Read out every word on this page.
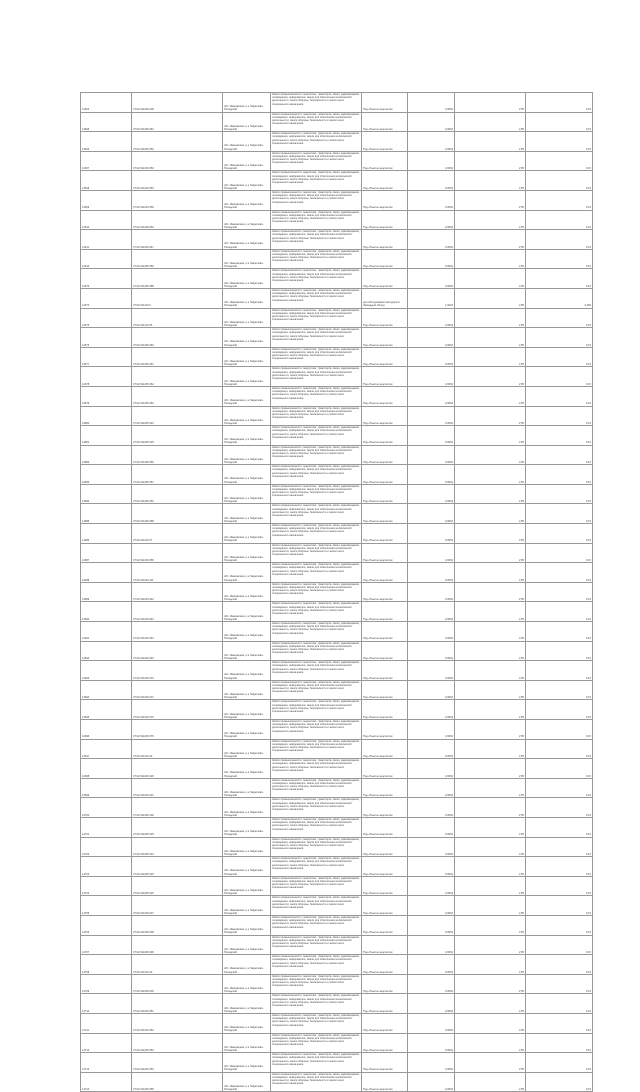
14604	37:02:011206:228	обл. Ивановская, р-н Гаврилово-Посадский	Земли промышленности, энергетики, транспорта, связи, радиовещания, телевидения, информатики, земли для обеспечения космической деятельности, земли обороны, безопасности и земли иного специального назначения	Под объекты энергетики	0,0054	2,55	0,15
14605	37:02:011205:461	обл. Ивановская, р-н Гаврилово-Посадский	Земли промышленности, энергетики, транспорта, связи, радиовещания, телевидения, информатики, земли для обеспечения космической деятельности, земли обороны, безопасности и земли иного специального назначения	Под объекты энергетики	0,0054	2,55	0,15
14606	37:02:011203:352	обл. Ивановская, р-н Гаврилово-Посадский	Земли промышленности, энергетики, транспорта, связи, радиовещания, телевидения, информатики, земли для обеспечения космической деятельности, земли обороны, безопасности и земли иного специального назначения	Под объекты энергетики	0,0054	2,55	0,15
14607	37:02:011203:353	обл. Ивановская, р-н Гаврилово-Посадский	Земли промышленности, энергетики, транспорта, связи, радиовещания, телевидения, информатики, земли для обеспечения космической деятельности, земли обороны, безопасности и земли иного специального назначения	Под объекты энергетики	0,0054	2,55	0,15
14608	37:02:011203:354	обл. Ивановская, р-н Гаврилово-Посадский	Земли промышленности, энергетики, транспорта, связи, радиовещания, телевидения, информатики, земли для обеспечения космической деятельности, земли обороны, безопасности и земли иного специального назначения	Под объекты энергетики	0,0054	2,55	0,15
14609	37:02:011203:356	обл. Ивановская, р-н Гаврилово-Посадский	Земли промышленности, энергетики, транспорта, связи, радиовещания, телевидения, информатики, земли для обеспечения космической деятельности, земли обороны, безопасности и земли иного специального назначения	Под объекты энергетики	0,0054	2,55	0,15
14610	37:02:011209:253	обл. Ивановская, р-н Гаврилово-Посадский	Земли промышленности, энергетики, транспорта, связи, радиовещания, телевидения, информатики, земли для обеспечения космической деятельности, земли обороны, безопасности и земли иного специального назначения	Под объекты энергетики	0,0054	2,55	0,15
14611	37:02:011209:347	обл. Ивановская, р-н Гаврилово-Посадский	Земли промышленности, энергетики, транспорта, связи, радиовещания, телевидения, информатики, земли для обеспечения космической деятельности, земли обороны, безопасности и земли иного специального назначения	Под объекты энергетики	0,0054	2,55	0,15
14612	37:02:011209:356	обл. Ивановская, р-н Гаврилово-Посадский	Земли промышленности, энергетики, транспорта, связи, радиовещания, телевидения, информатики, земли для обеспечения космической деятельности, земли обороны, безопасности и земли иного специального назначения	Под объекты энергетики	0,0054	2,55	0,15
14673	37:02:011209:388	обл. Ивановская, р-н Гаврилово-Посадский	Земли промышленности, энергетики, транспорта, связи, радиовещания, телевидения, информатики, земли для обеспечения космической деятельности, земли обороны, безопасности и земли иного специального назначения	Под объекты энергетики	0,0054	2,55	0,15
14674	37:02:011210:2	обл. Ивановская, р-н Гаврилово-Посадский	Земли промышленности, энергетики, транспорта, связи, радиовещания, телевидения, информатики, земли для обеспечения космической деятельности, земли обороны, безопасности и земли иного специального назначения	для обслуживания автодороги (Западный обход)	1,0024	2,55	2,460
14675	37:02:011210:35	обл. Ивановская, р-н Гаврилово-Посадский	Земли промышленности, энергетики, транспорта, связи, радиовещания, телевидения, информатики, земли для обеспечения космической деятельности, земли обороны, безопасности и земли иного специального назначения	Под объекты энергетики	0,0054	2,55	0,15
14676	37:02:011205:460	обл. Ивановская, р-н Гаврилово-Посадский	Земли промышленности, энергетики, транспорта, связи, радиовещания, телевидения, информатики, земли для обеспечения космической деятельности, земли обороны, безопасности и земли иного специального назначения	Под объекты энергетики	0,0054	2,55	0,15
14677	37:02:011205:461	обл. Ивановская, р-н Гаврилово-Посадский	Земли промышленности, энергетики, транспорта, связи, радиовещания, телевидения, информатики, земли для обеспечения космической деятельности, земли обороны, безопасности и земли иного специального назначения	Под объекты энергетики	0,0054	2,55	0,15
14678	37:02:011205:462	обл. Ивановская, р-н Гаврилово-Посадский	Земли промышленности, энергетики, транспорта, связи, радиовещания, телевидения, информатики, земли для обеспечения космической деятельности, земли обороны, безопасности и земли иного специального назначения	Под объекты энергетики	0,0054	2,55	0,15
14679	37:02:011205:463	обл. Ивановская, р-н Гаврилово-Посадский	Земли промышленности, энергетики, транспорта, связи, радиовещания, телевидения, информатики, земли для обеспечения космической деятельности, земли обороны, безопасности и земли иного специального назначения	Под объекты энергетики	0,0054	2,55	0,15
14680	37:02:011205:324	обл. Ивановская, р-н Гаврилово-Посадский	Земли промышленности, энергетики, транспорта, связи, радиовещания, телевидения, информатики, земли для обеспечения космической деятельности, земли обороны, безопасности и земли иного специального назначения	Под объекты энергетики	0,0054	2,55	0,15
14681	37:02:011205:325	обл. Ивановская, р-н Гаврилово-Посадский	Земли промышленности, энергетики, транспорта, связи, радиовещания, телевидения, информатики, земли для обеспечения космической деятельности, земли обороны, безопасности и земли иного специального назначения	Под объекты энергетики	0,0054	2,55	0,15
14682	37:02:011209:356	обл. Ивановская, р-н Гаврилово-Посадский	Земли промышленности, энергетики, транспорта, связи, радиовещания, телевидения, информатики, земли для обеспечения космической деятельности, земли обороны, безопасности и земли иного специального назначения	Под объекты энергетики	0,0054	2,55	0,15
14683	37:02:011209:357	обл. Ивановская, р-н Гаврилово-Посадский	Земли промышленности, энергетики, транспорта, связи, радиовещания, телевидения, информатики, земли для обеспечения космической деятельности, земли обороны, безопасности и земли иного специального назначения	Под объекты энергетики	0,0054	2,55	0,15
14684	37:02:011209:360	обл. Ивановская, р-н Гаврилово-Посадский	Земли промышленности, энергетики, транспорта, связи, радиовещания, телевидения, информатики, земли для обеспечения космической деятельности, земли обороны, безопасности и земли иного специального назначения	Под объекты энергетики	0,0054	2,55	0,15
14685	37:02:011209:368	обл. Ивановская, р-н Гаврилово-Посадский	Земли промышленности, энергетики, транспорта, связи, радиовещания, телевидения, информатики, земли для обеспечения космической деятельности, земли обороны, безопасности и земли иного специального назначения	Под объекты энергетики	0,0054	2,55	0,15
14686	37:02:011210:37	обл. Ивановская, р-н Гаврилово-Посадский	Земли промышленности, энергетики, транспорта, связи, радиовещания, телевидения, информатики, земли для обеспечения космической деятельности, земли обороны, безопасности и земли иного специального назначения	Под объекты энергетики	0,0054	2,55	0,15
14687	37:02:011203:355	обл. Ивановская, р-н Гаврилово-Посадский	Земли промышленности, энергетики, транспорта, связи, радиовещания, телевидения, информатики, земли для обеспечения космической деятельности, земли обороны, безопасности и земли иного специального назначения	Под объекты энергетики	0,0054	2,55	0,15
14688	37:02:011203:411	обл. Ивановская, р-н Гаврилово-Посадский	Земли промышленности, энергетики, транспорта, связи, радиовещания, телевидения, информатики, земли для обеспечения космической деятельности, земли обороны, безопасности и земли иного специального назначения	Под объекты энергетики	0,0054	2,55	0,15
14689	37:02:011203:342	обл. Ивановская, р-н Гаврилово-Посадский	Земли промышленности, энергетики, транспорта, связи, радиовещания, телевидения, информатики, земли для обеспечения космической деятельности, земли обороны, безопасности и земли иного специального назначения	Под объекты энергетики	0,0054	2,55	0,15
14690	37:02:011203:343	обл. Ивановская, р-н Гаврилово-Посадский	Земли промышленности, энергетики, транспорта, связи, радиовещания, телевидения, информатики, земли для обеспечения космической деятельности, земли обороны, безопасности и земли иного специального назначения	Под объекты энергетики	0,0054	2,55	0,15
14691	37:02:011203:344	обл. Ивановская, р-н Гаврилово-Посадский	Земли промышленности, энергетики, транспорта, связи, радиовещания, телевидения, информатики, земли для обеспечения космической деятельности, земли обороны, безопасности и земли иного специального назначения	Под объекты энергетики	0,0054	2,55	0,15
14692	37:02:011203:346	обл. Ивановская, р-н Гаврилово-Посадский	Земли промышленности, энергетики, транспорта, связи, радиовещания, телевидения, информатики, земли для обеспечения космической деятельности, земли обороны, безопасности и земли иного специального назначения	Под объекты энергетики	0,0054	2,55	0,15
14693	37:02:011209:370	обл. Ивановская, р-н Гаврилово-Посадский	Земли промышленности, энергетики, транспорта, связи, радиовещания, телевидения, информатики, земли для обеспечения космической деятельности, земли обороны, безопасности и земли иного специального назначения	Под объекты энергетики	0,0054	2,55	0,15
14694	37:02:011209:371	обл. Ивановская, р-н Гаврилово-Посадский	Земли промышленности, энергетики, транспорта, связи, радиовещания, телевидения, информатики, земли для обеспечения космической деятельности, земли обороны, безопасности и земли иного специального назначения	Под объекты энергетики	0,0054	2,55	0,15
14695	37:02:011209:375	обл. Ивановская, р-н Гаврилово-Посадский	Земли промышленности, энергетики, транспорта, связи, радиовещания, телевидения, информатики, земли для обеспечения космической деятельности, земли обороны, безопасности и земли иного специального назначения	Под объекты энергетики	0,0054	2,55	0,15
14696	37:02:011209:376	обл. Ивановская, р-н Гаврилово-Посадский	Земли промышленности, энергетики, транспорта, связи, радиовещания, телевидения, информатики, земли для обеспечения космической деятельности, земли обороны, безопасности и земли иного специального назначения	Под объекты энергетики	0,0054	2,55	0,15
14697	37:02:011210:32	обл. Ивановская, р-н Гаврилово-Посадский	Земли промышленности, энергетики, транспорта, связи, радиовещания, телевидения, информатики, земли для обеспечения космической деятельности, земли обороны, безопасности и земли иного специального назначения	Под объекты энергетики	0,0054	2,55	0,15
14698	37:02:011203:320	обл. Ивановская, р-н Гаврилово-Посадский	Земли промышленности, энергетики, транспорта, связи, радиовещания, телевидения, информатики, земли для обеспечения космической деятельности, земли обороны, безопасности и земли иного специального назначения	Под объекты энергетики	0,0054	2,55	0,15
14699	37:02:011203:321	обл. Ивановская, р-н Гаврилово-Посадский	Земли промышленности, энергетики, транспорта, связи, радиовещания, телевидения, информатики, земли для обеспечения космической деятельности, земли обороны, безопасности и земли иного специального назначения	Под объекты энергетики	0,0054	2,55	0,15
14700	37:02:011206:102	обл. Ивановская, р-н Гаврилово-Посадский	Земли промышленности, энергетики, транспорта, связи, радиовещания, телевидения, информатики, земли для обеспечения космической деятельности, земли обороны, безопасности и земли иного специального назначения	Под объекты энергетики	0,0054	2,55	0,15
14701	37:02:011205:325	обл. Ивановская, р-н Гаврилово-Посадский	Земли промышленности, энергетики, транспорта, связи, радиовещания, телевидения, информатики, земли для обеспечения космической деятельности, земли обороны, безопасности и земли иного специального назначения	Под объекты энергетики	0,0054	2,55	0,15
14702	37:02:011205:324	обл. Ивановская, р-н Гаврилово-Посадский	Земли промышленности, энергетики, транспорта, связи, радиовещания, телевидения, информатики, земли для обеспечения космической деятельности, земли обороны, безопасности и земли иного специального назначения	Под объекты энергетики	0,0054	2,55	0,15
14703	37:02:011205:326	обл. Ивановская, р-н Гаврилово-Посадский	Земли промышленности, энергетики, транспорта, связи, радиовещания, телевидения, информатики, земли для обеспечения космической деятельности, земли обороны, безопасности и земли иного специального назначения	Под объекты энергетики	0,0054	2,55	0,15
14704	37:02:011205:325	обл. Ивановская, р-н Гаврилово-Посадский	Земли промышленности, энергетики, транспорта, связи, радиовещания, телевидения, информатики, земли для обеспечения космической деятельности, земли обороны, безопасности и земли иного специального назначения	Под объекты энергетики	0,0054	2,55	0,15
14705	37:02:011209:327	обл. Ивановская, р-н Гаврилово-Посадский	Земли промышленности, энергетики, транспорта, связи, радиовещания, телевидения, информатики, земли для обеспечения космической деятельности, земли обороны, безопасности и земли иного специального назначения	Под объекты энергетики	0,0054	2,55	0,15
14706	37:02:011209:338	обл. Ивановская, р-н Гаврилово-Посадский	Земли промышленности, энергетики, транспорта, связи, радиовещания, телевидения, информатики, земли для обеспечения космической деятельности, земли обороны, безопасности и земли иного специального назначения	Под объекты энергетики	0,0054	2,55	0,15
14707	37:02:011209:339	обл. Ивановская, р-н Гаврилово-Посадский	Земли промышленности, энергетики, транспорта, связи, радиовещания, телевидения, информатики, земли для обеспечения космической деятельности, земли обороны, безопасности и земли иного специального назначения	Под объекты энергетики	0,0054	2,55	0,15
14708	37:02:011210:33	обл. Ивановская, р-н Гаврилово-Посадский	Земли промышленности, энергетики, транспорта, связи, радиовещания, телевидения, информатики, земли для обеспечения космической деятельности, земли обороны, безопасности и земли иного специального назначения	Под объекты энергетики	0,0054	2,55	0,15
14709	37:02:011206:300	обл. Ивановская, р-н Гаврилово-Посадский	Земли промышленности, энергетики, транспорта, связи, радиовещания, телевидения, информатики, земли для обеспечения космической деятельности, земли обороны, безопасности и земли иного специального назначения	Под объекты энергетики	0,0054	2,55	0,15
14710	37:02:011203:351	обл. Ивановская, р-н Гаврилово-Посадский	Земли промышленности, энергетики, транспорта, связи, радиовещания, телевидения, информатики, земли для обеспечения космической деятельности, земли обороны, безопасности и земли иного специального назначения	Под объекты энергетики	0,0054	2,55	0,15
14711	37:02:011203:352	обл. Ивановская, р-н Гаврилово-Посадский	Земли промышленности, энергетики, транспорта, связи, радиовещания, телевидения, информатики, земли для обеспечения космической деятельности, земли обороны, безопасности и земли иного специального назначения	Под объекты энергетики	0,0054	2,55	0,15
14712	37:02:011203:353	обл. Ивановская, р-н Гаврилово-Посадский	Земли промышленности, энергетики, транспорта, связи, радиовещания, телевидения, информатики, земли для обеспечения космической деятельности, земли обороны, безопасности и земли иного специального назначения	Под объекты энергетики	0,0054	2,55	0,15
14713	37:02:011203:354	обл. Ивановская, р-н Гаврилово-Посадский	Земли промышленности, энергетики, транспорта, связи, радиовещания, телевидения, информатики, земли для обеспечения космической деятельности, земли обороны, безопасности и земли иного специального назначения	Под объекты энергетики	0,0054	2,55	0,15
14714	37:02:011203:355	обл. Ивановская, р-н Гаврилово-Посадский	Земли промышленности, энергетики, транспорта, связи, радиовещания, телевидения, информатики, земли для обеспечения космической деятельности, земли обороны, безопасности и земли иного специального назначения	Под объекты энергетики	0,0054	2,55	0,15
